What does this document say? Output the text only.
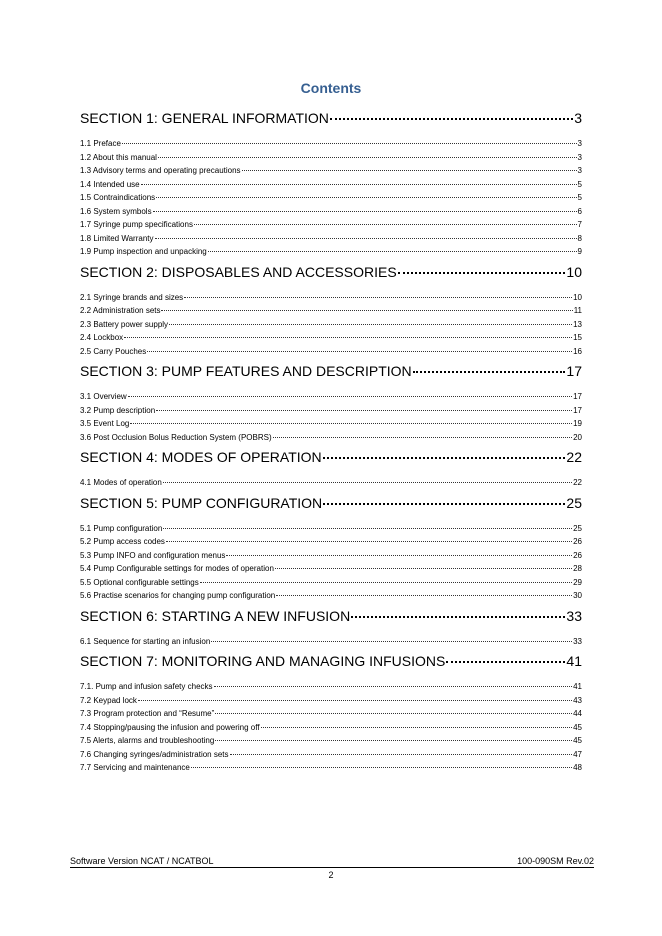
Contents
SECTION 1: GENERAL INFORMATION	3
1.1 Preface	3
1.2 About this manual	3
1.3 Advisory terms and operating precautions	3
1.4 Intended use	5
1.5 Contraindications	5
1.6 System symbols	6
1.7 Syringe pump specifications	7
1.8 Limited Warranty	8
1.9 Pump inspection and unpacking	9
SECTION 2: DISPOSABLES AND ACCESSORIES	10
2.1 Syringe brands and sizes	10
2.2 Administration sets	11
2.3 Battery power supply	13
2.4 Lockbox	15
2.5 Carry Pouches	16
SECTION 3: PUMP FEATURES AND DESCRIPTION	17
3.1 Overview	17
3.2 Pump description	17
3.5 Event Log	19
3.6 Post Occlusion Bolus Reduction System (POBRS)	20
SECTION 4: MODES OF OPERATION	22
4.1 Modes of operation	22
SECTION 5: PUMP CONFIGURATION	25
5.1 Pump configuration	25
5.2 Pump access codes	26
5.3 Pump INFO and configuration menus	26
5.4 Pump Configurable settings for modes of operation	28
5.5 Optional configurable settings	29
5.6 Practise scenarios for changing pump configuration	30
SECTION 6: STARTING A NEW INFUSION	33
6.1 Sequence for starting an infusion	33
SECTION 7: MONITORING AND MANAGING INFUSIONS	41
7.1. Pump and infusion safety checks	41
7.2 Keypad lock	43
7.3 Program protection and “Resume”	44
7.4 Stopping/pausing the infusion and powering off	45
7.5 Alerts, alarms and troubleshooting	45
7.6 Changing syringes/administration sets	47
7.7 Servicing and maintenance	48
Software Version NCAT / NCATBOL	100-090SM Rev.02
2
